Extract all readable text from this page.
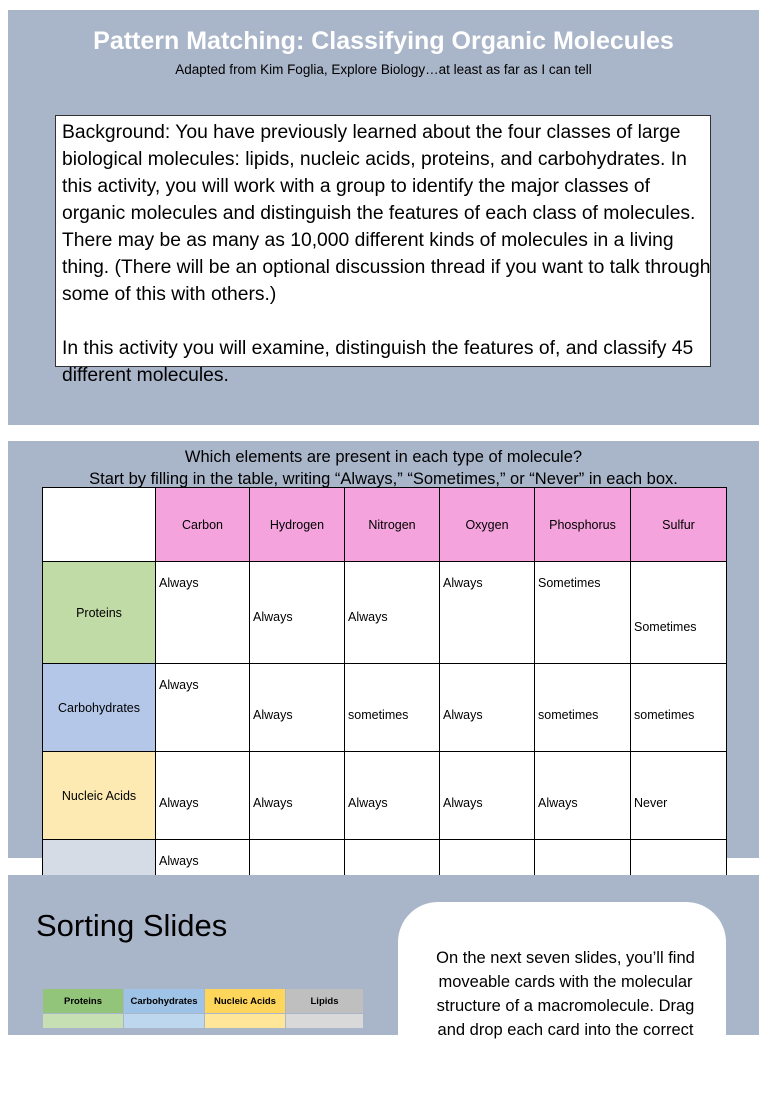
Pattern Matching: Classifying Organic Molecules
Adapted from Kim Foglia, Explore Biology…at least as far as I can tell

Background: You have previously learned about the four classes of large biological molecules: lipids, nucleic acids, proteins, and carbohydrates. In this activity, you will work with a group to identify the major classes of organic molecules and distinguish the features of each class of molecules. There may be as many as 10,000 different kinds of molecules in a living thing. (There will be an optional discussion thread if you want to talk through some of this with others.)

In this activity you will examine, distinguish the features of, and classify 45 different molecules.

Which elements are present in each type of molecule?
Start by filling in the table, writing “Always,” “Sometimes,” or “Never” in each box.
	Carbon	Hydrogen	Nitrogen	Oxygen	Phosphorus	Sulfur
Proteins	Always	Always	Always	Always	Sometimes	Sometimes
Carbohydrates	Always	Always	sometimes	Always	sometimes	sometimes
Nucleic Acids	Always	Always	Always	Always	Always	Never
	Always					
Sorting Slides
Proteins	Carbohydrates	Nucleic Acids	Lipids

On the next seven slides, you’ll find moveable cards with the molecular structure of a macromolecule. Drag and drop each card into the correct
